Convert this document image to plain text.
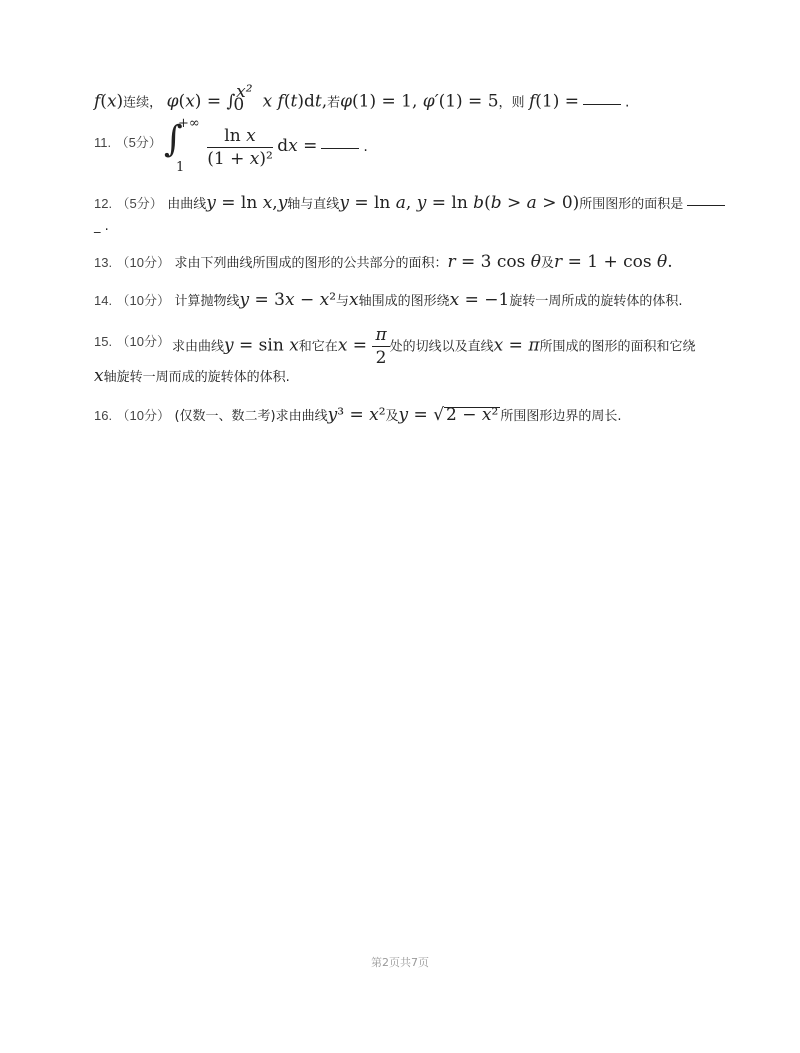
f(x)连续， $\varphi(x) = \int_0^{x^2}$ x f(t)dt,若φ(1) = 1, φ′(1) = 5，则 f(1) =	.
11. （5分） ∫
+∞
$1 \frac{\text{ln x}}{\text{(1 + x)²}}$ dx =	.
12. （5分） 由曲线y = ln x,y轴与直线y = ln a, y = ln b(b > a > 0)所围图形的面积是
_ .
13. （10分） 求由下列曲线所围成的图形的公共部分的面积：r = 3 cos θ及r = 1 + cos θ.
14. （10分） 计算抛物线y = 3x − x²与x轴围成的图形绕x = −1旋转一周所成的旋转体的体积.
15. （10分） 求由曲线y = sin x和它在$x = \frac{\pi}{2}$ 处的切线以及直线x = π所围成的图形的面积和它绕
x轴旋转一周而成的旋转体的体积.
16. （10分） (仅数一、数二考)求由曲线y³ = x²及y = √ 2 − x² 所围图形边界的周长.
第2页共7页
